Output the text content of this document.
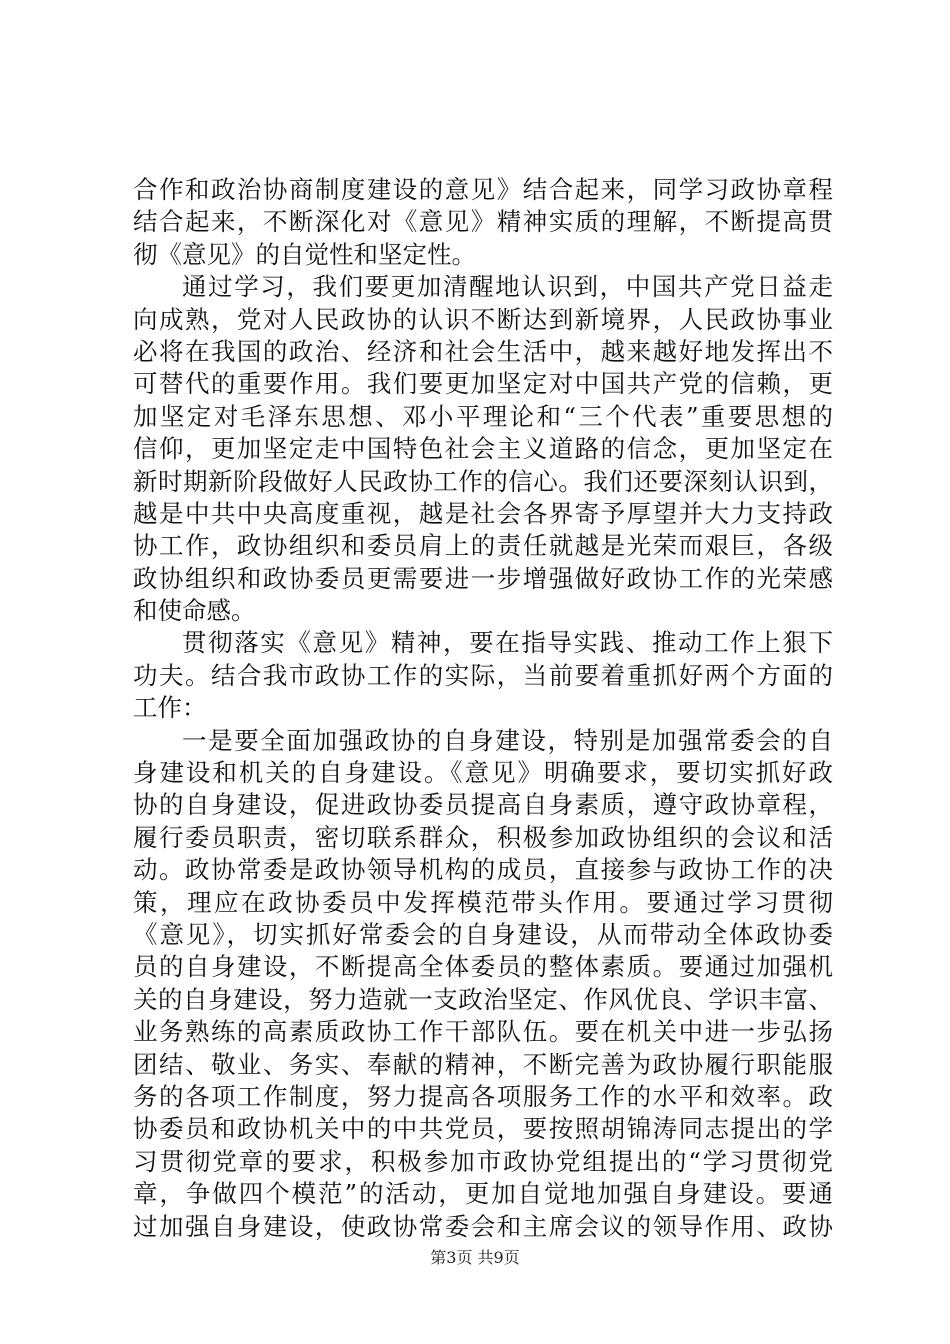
合作和政治协商制度建设的意见》结合起来，同学习政协章程
结合起来，不断深化对《意见》精神实质的理解，不断提高贯
彻《意见》的自觉性和坚定性。
通过学习，我们要更加清醒地认识到，中国共产党日益走
向成熟，党对人民政协的认识不断达到新境界，人民政协事业
必将在我国的政治、经济和社会生活中，越来越好地发挥出不
可替代的重要作用。我们要更加坚定对中国共产党的信赖，更
加坚定对毛泽东思想、邓小平理论和“三个代表”重要思想的
信仰，更加坚定走中国特色社会主义道路的信念，更加坚定在
新时期新阶段做好人民政协工作的信心。我们还要深刻认识到，
越是中共中央高度重视，越是社会各界寄予厚望并大力支持政
协工作，政协组织和委员肩上的责任就越是光荣而艰巨，各级
政协组织和政协委员更需要进一步增强做好政协工作的光荣感
和使命感。
贯彻落实《意见》精神，要在指导实践、推动工作上狠下
功夫。结合我市政协工作的实际，当前要着重抓好两个方面的
工作：
一是要全面加强政协的自身建设，特别是加强常委会的自
身建设和机关的自身建设。《意见》明确要求，要切实抓好政
协的自身建设，促进政协委员提高自身素质，遵守政协章程，
履行委员职责，密切联系群众，积极参加政协组织的会议和活
动。政协常委是政协领导机构的成员，直接参与政协工作的决
策，理应在政协委员中发挥模范带头作用。要通过学习贯彻
《意见》，切实抓好常委会的自身建设，从而带动全体政协委
员的自身建设，不断提高全体委员的整体素质。要通过加强机
关的自身建设，努力造就一支政治坚定、作风优良、学识丰富、
业务熟练的高素质政协工作干部队伍。要在机关中进一步弘扬
团结、敬业、务实、奉献的精神，不断完善为政协履行职能服
务的各项工作制度，努力提高各项服务工作的水平和效率。政
协委员和政协机关中的中共党员，要按照胡锦涛同志提出的学
习贯彻党章的要求，积极参加市政协党组提出的“学习贯彻党
章，争做四个模范”的活动，更加自觉地加强自身建设。要通
过加强自身建设，使政协常委会和主席会议的领导作用、政协
第3页 共9页
